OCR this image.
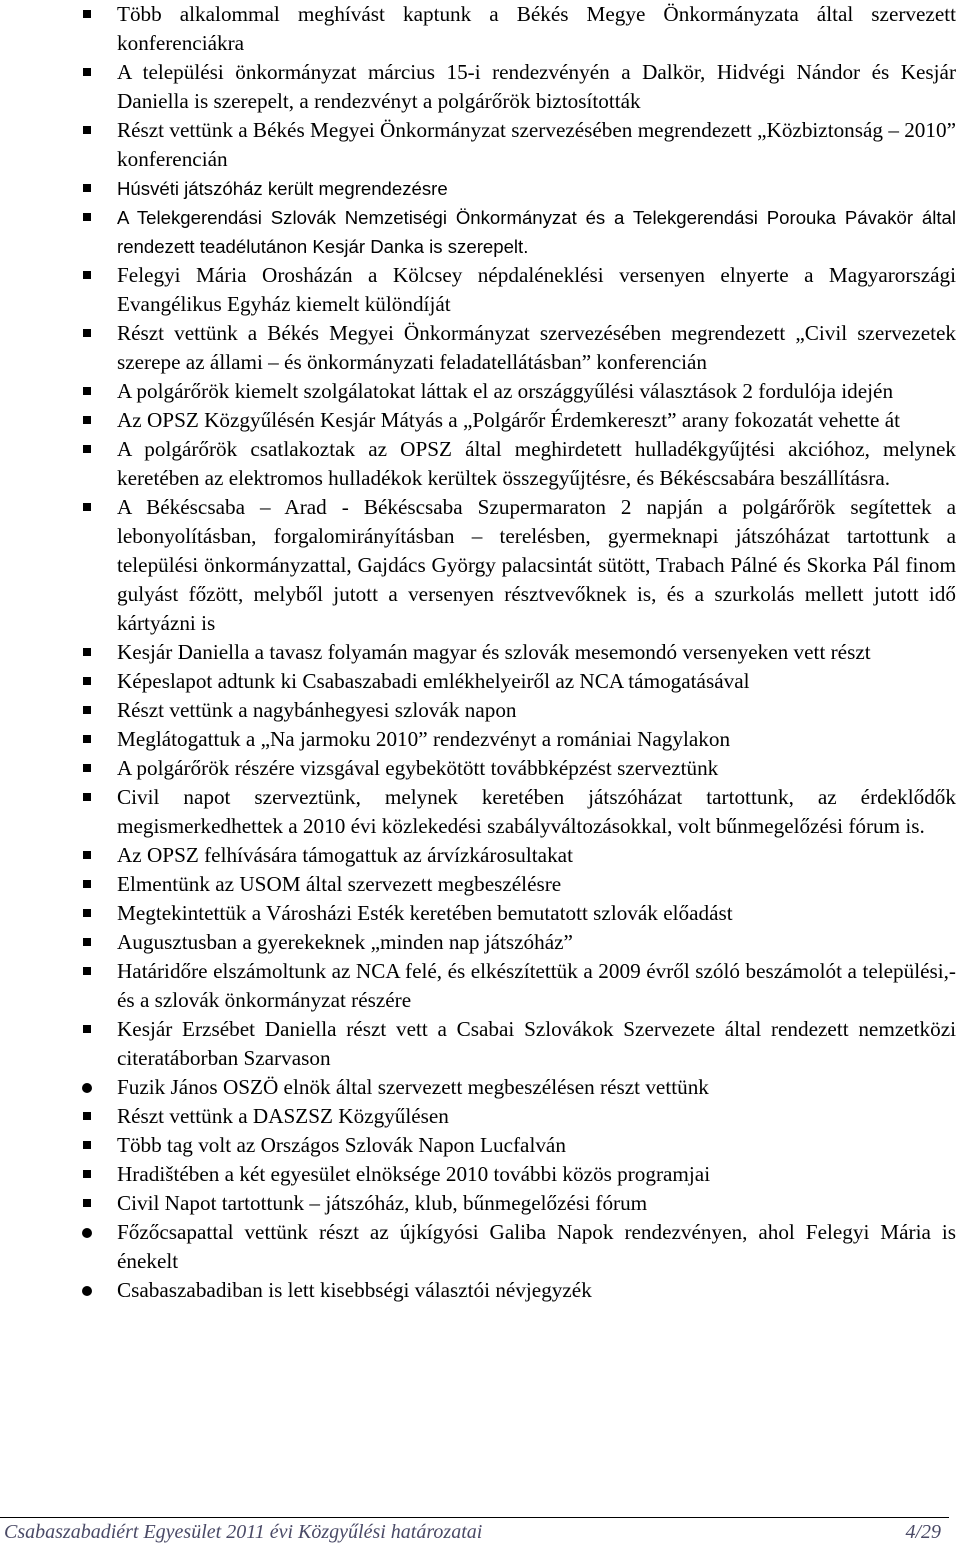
Több alkalommal meghívást kaptunk a Békés Megye Önkormányzata által szervezett konferenciákra
A települési önkormányzat március 15-i rendezvényén a Dalkör, Hidvégi Nándor és Kesjár Daniella is szerepelt, a rendezvényt a polgárőrök biztosították
Részt vettünk a Békés Megyei Önkormányzat szervezésében megrendezett „Közbiztonság – 2010” konferencián
Húsvéti játszóház került megrendezésre
A Telekgerendási Szlovák Nemzetiségi Önkormányzat és a Telekgerendási Porouka Pávakör által rendezett teadélutánon Kesjár Danka is szerepelt.
Felegyi Mária Orosházán a Kölcsey népdaléneklési versenyen elnyerte a Magyarországi Evangélikus Egyház kiemelt különdíját
Részt vettünk a Békés Megyei Önkormányzat szervezésében megrendezett „Civil szervezetek szerepe az állami – és önkormányzati feladatellátásban” konferencián
A polgárőrök kiemelt szolgálatokat láttak el az országgyűlési választások 2 fordulója idején
Az OPSZ Közgyűlésén Kesjár Mátyás a „Polgárőr Érdemkereszt” arany fokozatát vehette át
A polgárőrök csatlakoztak az OPSZ által meghirdetett hulladékgyűjtési akcióhoz, melynek keretében az elektromos hulladékok kerültek összegyűjtésre, és Békéscsabára beszállításra.
A Békéscsaba – Arad - Békéscsaba Szupermaraton 2 napján a polgárőrök segítettek a lebonyolításban, forgalomirányításban – terelésben, gyermeknapi játszóházat tartottunk a települési önkormányzattal, Gajdács György palacsintát sütött, Trabach Pálné és Skorka Pál finom gulyást főzött, melyből jutott a versenyen résztvevőknek is, és a szurkolás mellett jutott idő kártyázni is
Kesjár Daniella a tavasz folyamán magyar és szlovák mesemondó versenyeken vett részt
Képeslapot adtunk ki Csabaszabadi emlékhelyeiről az NCA támogatásával
Részt vettünk a nagybánhegyesi szlovák napon
Meglátogattuk a „Na jarmoku 2010” rendezvényt a romániai Nagylakon
A polgárőrök részére vizsgával egybekötött továbbképzést szerveztünk
Civil napot szerveztünk, melynek keretében játszóházat tartottunk, az érdeklődők megismerkedhettek a 2010 évi közlekedési szabályváltozásokkal, volt bűnmegelőzési fórum is.
Az OPSZ felhívására támogattuk az árvízkárosultakat
Elmentünk az USOM által szervezett megbeszélésre
Megtekintettük a Városházi Esték keretében bemutatott szlovák előadást
Augusztusban a gyerekeknek „minden nap játszóház”
Határidőre elszámoltunk az NCA felé, és elkészítettük a 2009 évről szóló beszámolót a települési,- és a szlovák önkormányzat részére
Kesjár Erzsébet Daniella részt vett a Csabai Szlovákok Szervezete által rendezett nemzetközi citeratáborban Szarvason
Fuzik János OSZÖ elnök által szervezett megbeszélésen részt vettünk
Részt vettünk a DASZSZ Közgyűlésen
Több tag volt az Országos Szlovák Napon Lucfalván
Hradištében a két egyesület elnöksége 2010 további közös programjai
Civil Napot tartottunk – játszóház, klub, bűnmegelőzési fórum
Főzőcsapattal vettünk részt az újkígyósi Galiba Napok rendezvényen, ahol Felegyi Mária is énekelt
Csabaszabadiban is lett kisebbségi választói névjegyzék
Csabaszabadiért Egyesület 2011 évi Közgyűlési határozatai	4/29
